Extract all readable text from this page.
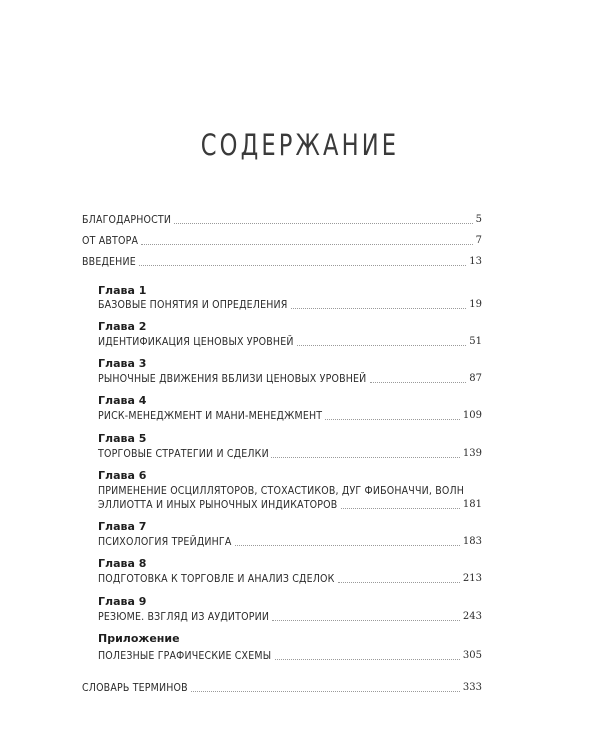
СОДЕРЖАНИЕ
БЛАГОДАРНОСТИ	5
ОТ АВТОРА	7
ВВЕДЕНИЕ	13
Глава 1
БАЗОВЫЕ ПОНЯТИЯ И ОПРЕДЕЛЕНИЯ	19
Глава 2
ИДЕНТИФИКАЦИЯ ЦЕНОВЫХ УРОВНЕЙ	51
Глава 3
РЫНОЧНЫЕ ДВИЖЕНИЯ ВБЛИЗИ ЦЕНОВЫХ УРОВНЕЙ	87
Глава 4
РИСК-МЕНЕДЖМЕНТ И МАНИ-МЕНЕДЖМЕНТ	109
Глава 5
ТОРГОВЫЕ СТРАТЕГИИ И СДЕЛКИ	139
Глава 6
ПРИМЕНЕНИЕ ОСЦИЛЛЯТОРОВ, СТОХАСТИКОВ, ДУГ ФИБОНАЧЧИ, ВОЛН
ЭЛЛИОТТА И ИНЫХ РЫНОЧНЫХ ИНДИКАТОРОВ	181
Глава 7
ПСИХОЛОГИЯ ТРЕЙДИНГА	183
Глава 8
ПОДГОТОВКА К ТОРГОВЛЕ И АНАЛИЗ СДЕЛОК	213
Глава 9
РЕЗЮМЕ. ВЗГЛЯД ИЗ АУДИТОРИИ	243
Приложение
ПОЛЕЗНЫЕ ГРАФИЧЕСКИЕ СХЕМЫ	305
СЛОВАРЬ ТЕРМИНОВ	333
